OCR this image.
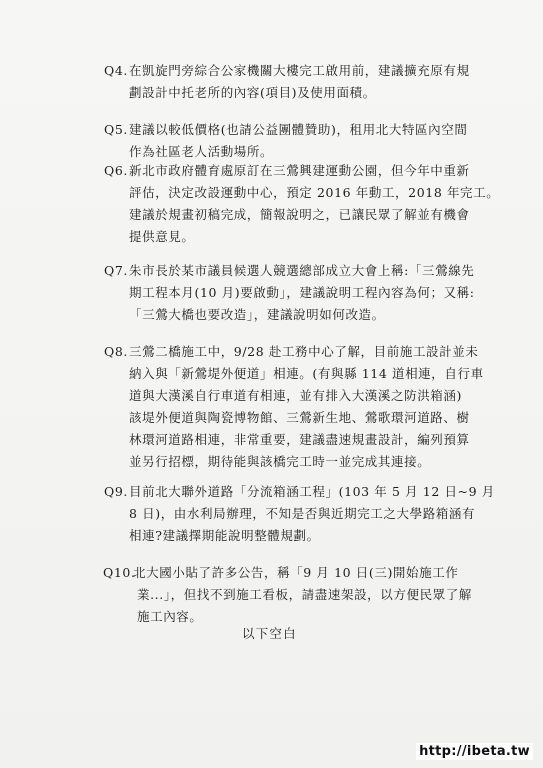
Q4. 在凱旋門旁綜合公家機關大樓完工啟用前，建議擴充原有規
劃設計中托老所的內容(項目)及使用面積。
Q5. 建議以較低價格(也請公益團體贊助)，租用北大特區內空間
作為社區老人活動場所。
Q6. 新北市政府體育處原訂在三鶯興建運動公園，但今年中重新
評估，決定改設運動中心，預定 2016 年動工，2018 年完工。
建議於規畫初稿完成，簡報說明之，已讓民眾了解並有機會
提供意見。
Q7. 朱市長於某市議員候選人競選總部成立大會上稱:「三鶯線先
期工程本月(10 月)要啟動」，建議說明工程內容為何；又稱:
「三鶯大橋也要改造」，建議說明如何改造。
Q8. 三鶯二橋施工中，9/28 赴工務中心了解，目前施工設計並未
納入與「新鶯堤外便道」相連。(有與縣 114 道相連，自行車
道與大漢溪自行車道有相連，並有排入大漢溪之防洪箱涵)
該堤外便道與陶瓷博物館、三鶯新生地、鶯歌環河道路、樹
林環河道路相連，非常重要，建議盡速規畫設計，編列預算
並另行招標，期待能與該橋完工時一並完成其連接。
Q9. 目前北大聯外道路「分流箱涵工程」(103 年 5 月 12 日~9 月
8 日)，由水利局辦理，不知是否與近期完工之大學路箱涵有
相連?建議擇期能說明整體規劃。
Q10.
北大國小貼了許多公告，稱「9 月 10 日(三)開始施工作
業...」，但找不到施工看板，請盡速架設，以方便民眾了解
施工內容。
以下空白
http://ibeta.tw
